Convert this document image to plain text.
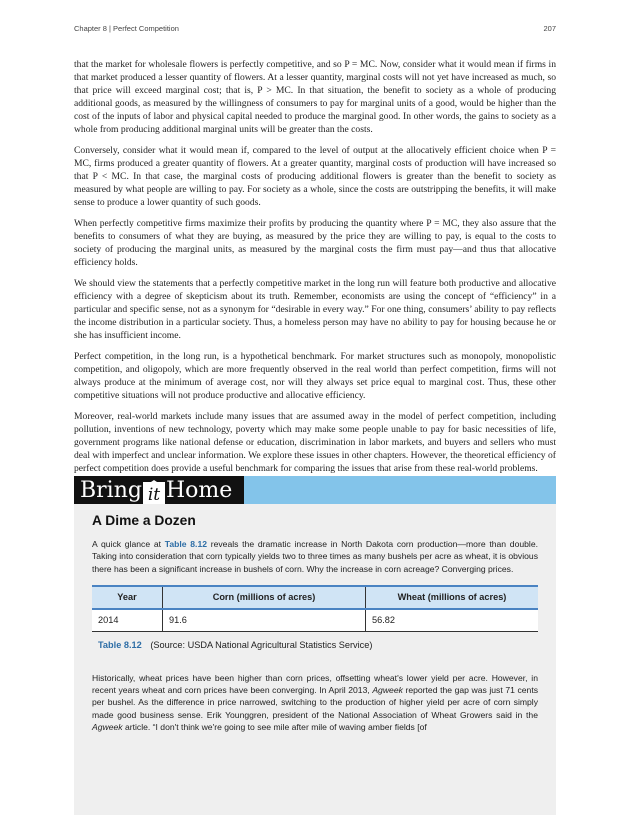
Chapter 8 | Perfect Competition	207

that the market for wholesale flowers is perfectly competitive, and so P = MC. Now, consider what it would mean if firms in that market produced a lesser quantity of flowers. At a lesser quantity, marginal costs will not yet have increased as much, so that price will exceed marginal cost; that is, P > MC. In that situation, the benefit to society as a whole of producing additional goods, as measured by the willingness of consumers to pay for marginal units of a good, would be higher than the cost of the inputs of labor and physical capital needed to produce the marginal good. In other words, the gains to society as a whole from producing additional marginal units will be greater than the costs.

Conversely, consider what it would mean if, compared to the level of output at the allocatively efficient choice when P = MC, firms produced a greater quantity of flowers. At a greater quantity, marginal costs of production will have increased so that P < MC. In that case, the marginal costs of producing additional flowers is greater than the benefit to society as measured by what people are willing to pay. For society as a whole, since the costs are outstripping the benefits, it will make sense to produce a lower quantity of such goods.

When perfectly competitive firms maximize their profits by producing the quantity where P = MC, they also assure that the benefits to consumers of what they are buying, as measured by the price they are willing to pay, is equal to the costs to society of producing the marginal units, as measured by the marginal costs the firm must pay—and thus that allocative efficiency holds.

We should view the statements that a perfectly competitive market in the long run will feature both productive and allocative efficiency with a degree of skepticism about its truth. Remember, economists are using the concept of “efficiency” in a particular and specific sense, not as a synonym for “desirable in every way.” For one thing, consumers’ ability to pay reflects the income distribution in a particular society. Thus, a homeless person may have no ability to pay for housing because he or she has insufficient income.

Perfect competition, in the long run, is a hypothetical benchmark. For market structures such as monopoly, monopolistic competition, and oligopoly, which are more frequently observed in the real world than perfect competition, firms will not always produce at the minimum of average cost, nor will they always set price equal to marginal cost. Thus, these other competitive situations will not produce productive and allocative efficiency.

Moreover, real-world markets include many issues that are assumed away in the model of perfect competition, including pollution, inventions of new technology, poverty which may make some people unable to pay for basic necessities of life, government programs like national defense or education, discrimination in labor markets, and buyers and sellers who must deal with imperfect and unclear information. We explore these issues in other chapters. However, the theoretical efficiency of perfect competition does provide a useful benchmark for comparing the issues that arise from these real-world problems.

Bring it Home
A Dime a Dozen

A quick glance at Table 8.12 reveals the dramatic increase in North Dakota corn production—more than double. Taking into consideration that corn typically yields two to three times as many bushels per acre as wheat, it is obvious there has been a significant increase in bushels of corn. Why the increase in corn acreage? Converging prices.

Year	Corn (millions of acres)	Wheat (millions of acres)
2014	91.6	56.82
Table 8.12 (Source: USDA National Agricultural Statistics Service)

Historically, wheat prices have been higher than corn prices, offsetting wheat's lower yield per acre. However, in recent years wheat and corn prices have been converging. In April 2013, Agweek reported the gap was just 71 cents per bushel. As the difference in price narrowed, switching to the production of higher yield per acre of corn simply made good business sense. Erik Younggren, president of the National Association of Wheat Growers said in the Agweek article. “I don't think we're going to see mile after mile of waving amber fields [of
